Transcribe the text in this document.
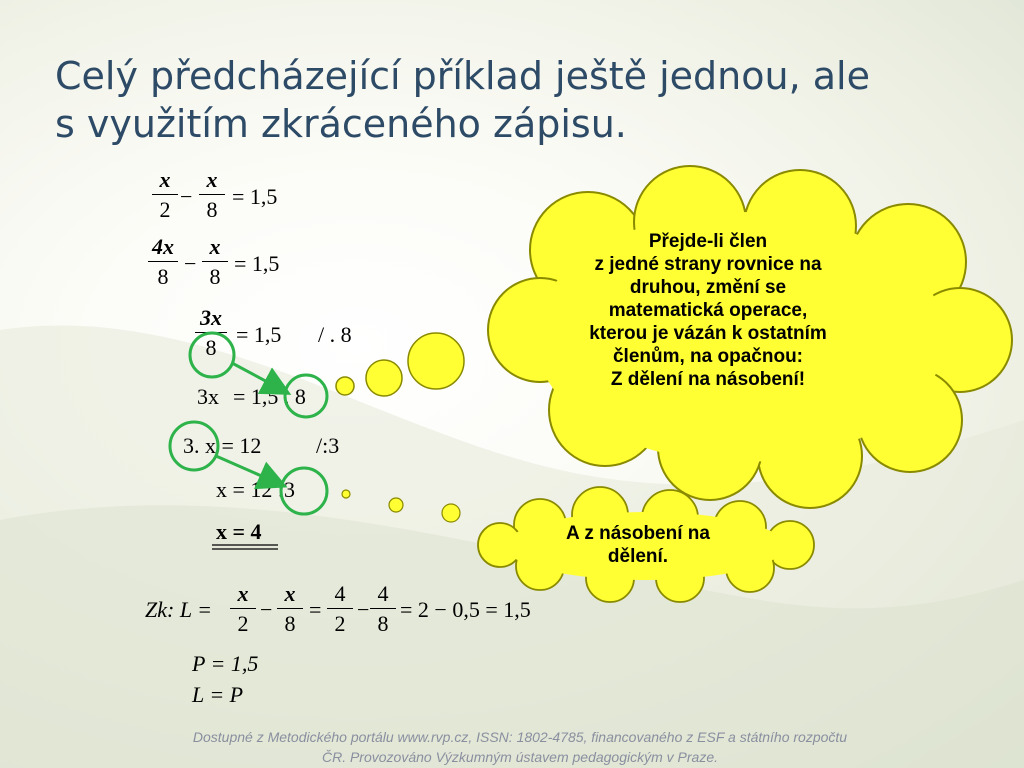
Celý předcházející příklad ještě jednou, ale
s využitím zkráceného zápisu.
x
2
−
x
8
= 1,5
4x
8
−
x
8
= 1,5
3x
8
= 1,5 / . 8
3x = 1,5 . 8
3. x = 12 /:3
x = 12 :3
x = 4
Zk: L =
x
2
−
x
8
=
4
2
−
4
8
= 2 − 0,5 = 1,5
P = 1,5
L = P
Přejde-li člen
z jedné strany rovnice na
druhou, změní se
matematická operace,
kterou je vázán k ostatním
členům, na opačnou:
Z dělení na násobení!
A z násobení na
dělení.
Dostupné z Metodického portálu www.rvp.cz, ISSN: 1802-4785, financovaného z ESF a státního rozpočtu
ČR. Provozováno Výzkumným ústavem pedagogickým v Praze.
